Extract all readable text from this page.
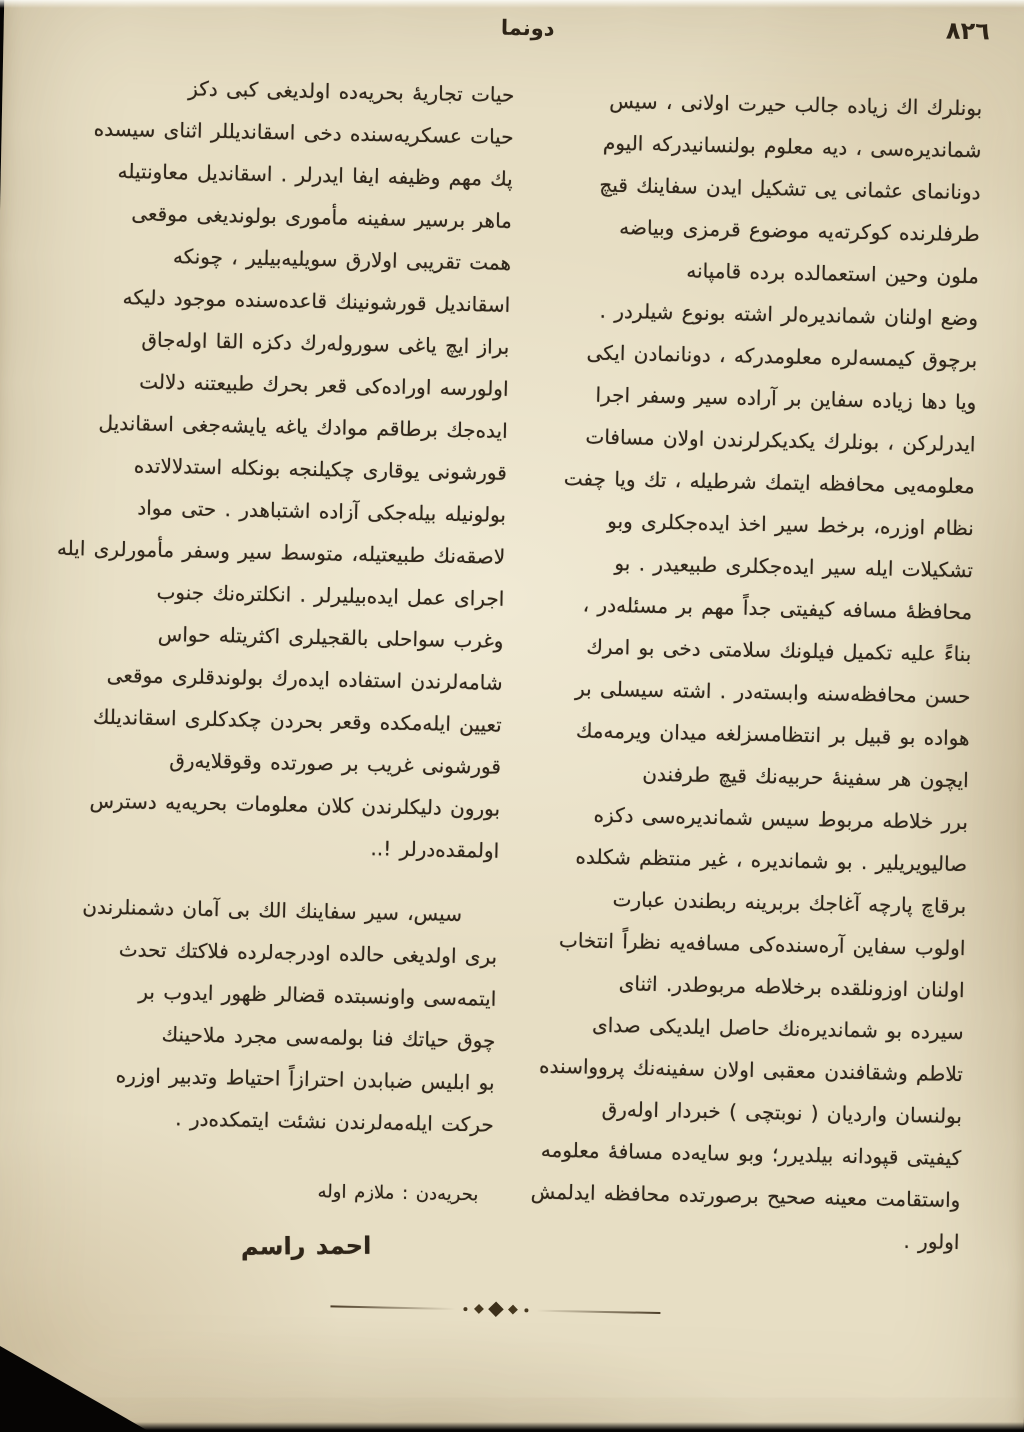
دونما	٨٢٦
بونلرك اك زياده جالب حيرت اولانی ، سيس
شمانديره‌سی ، ديه معلوم بولنسانيدركه اليوم
دونانمای عثمانی يی تشكيل ايدن سفاينك قيچ
طرفلرنده كوكرته‌يه موضوع قرمزی وبياضه
ملون وحين استعمالده برده قامپانه
وضع اولنان شمانديره‌لر اشته بونوع شيلردر .
برچوق كيمسه‌لره معلومدركه ، دونانمادن ايكی
ويا دها زياده سفاين بر آراده سير وسفر اجرا
ايدرلركن ، بونلرك يكديكرلرندن اولان مسافات
معلومه‌يی محافظه ايتمك شرطيله ، تك ويا چفت
نظام اوزره، برخط سير اخذ ايده‌جكلری وبو
تشكيلات ايله سير ايده‌جكلری طبيعيدر . بو
محافظهٔ مسافه كيفيتی جداً مهم بر مسئله‌در ،
بناءً عليه تكميل فيلونك سلامتی دخی بو امرك
حسن محافظه‌سنه وابسته‌در . اشته سيسلی بر
هواده بو قبيل بر انتظامسزلغه ميدان ويرمه‌مك
ايچون هر سفينهٔ حربيه‌نك قيچ طرفندن
برر خلاطه مربوط سيس شمانديره‌سی دكزه
صاليويريلير . بو شمانديره ، غير منتظم شكلده
برقاچ پارچه آغاجك بربرينه ربطندن عبارت
اولوب سفاين آره‌سنده‌كی مسافه‌يه نظراً انتخاب
اولنان اوزونلقده برخلاطه مربوطدر. اثنای
سيرده بو شمانديره‌نك حاصل ايلديكی صدای
تلاطم وشقافندن معقبی اولان سفينه‌نك پرووا‌سنده
بولنسان وارديان ( نوبتچی ) خبردار اوله‌رق
كيفيتی قپودانه بيلديرر؛ وبو سايه‌ده مسافهٔ معلومه
واستقامت معينه صحيح برصورتده محافظه ايدلمش
اولور .
حيات تجاريهٔ بحريه‌ده اولديغی كبی دكز
حيات عسكريه‌سنده دخی اسقانديللر اثنای سيسده
پك مهم وظيفه ايفا ايدرلر . اسقانديل معاونتيله
ماهر برسير سفينه مأموری بولونديغی موقعی
همت تقريبی اولارق سويليه‌بيلير ، چونكه
اسقانديل قورشونينك قاعده‌سنده موجود دليكه
براز ايچ ياغی سوروله‌رك دكزه القا اوله‌جاق
اولورسه اوراده‌كی قعر بحرك طبيعتنه دلالت
ايده‌جك برطاقم موادك ياغه يايشه‌جغی اسقانديل
قورشونی يوقاری چكيلنجه بونكله استدلالاتده
بولونيله بيله‌جكی آزاده اشتباهدر . حتی مواد
لاصقه‌نك طبيعتيله، متوسط سير وسفر مأمورلری ايله
اجرای عمل ايده‌بيليرلر . انكلتره‌نك جنوب
وغرب سواحلی بالقجيلری اكثريتله حواس
شامه‌لرندن استفاده ايده‌رك بولوندقلری موقعی
تعيين ايله‌مكده وقعر بحردن چكدكلری اسقانديلك
قورشونی غريب بر صورتده وقوقلايه‌رق
بورون دليكلرندن كلان معلومات بحريه‌يه دسترس
اولمقده‌درلر !..
سيس، سير سفاينك الك بی آمان دشمنلرندن
بری اولديغی حالده اودرجه‌لرده فلاكتك تحدث
ايتمه‌سی واونسبتده قضالر ظهور ايدوب بر
چوق حياتك فنا بولمه‌سی مجرد ملاحينك
بو ابليس ضبابدن احترازاً احتياط وتدبير اوزره
حركت ايله‌مه‌لرندن نشئت ايتمكده‌در .
بحريه‌دن : ملازم اوله
احمد راسم
